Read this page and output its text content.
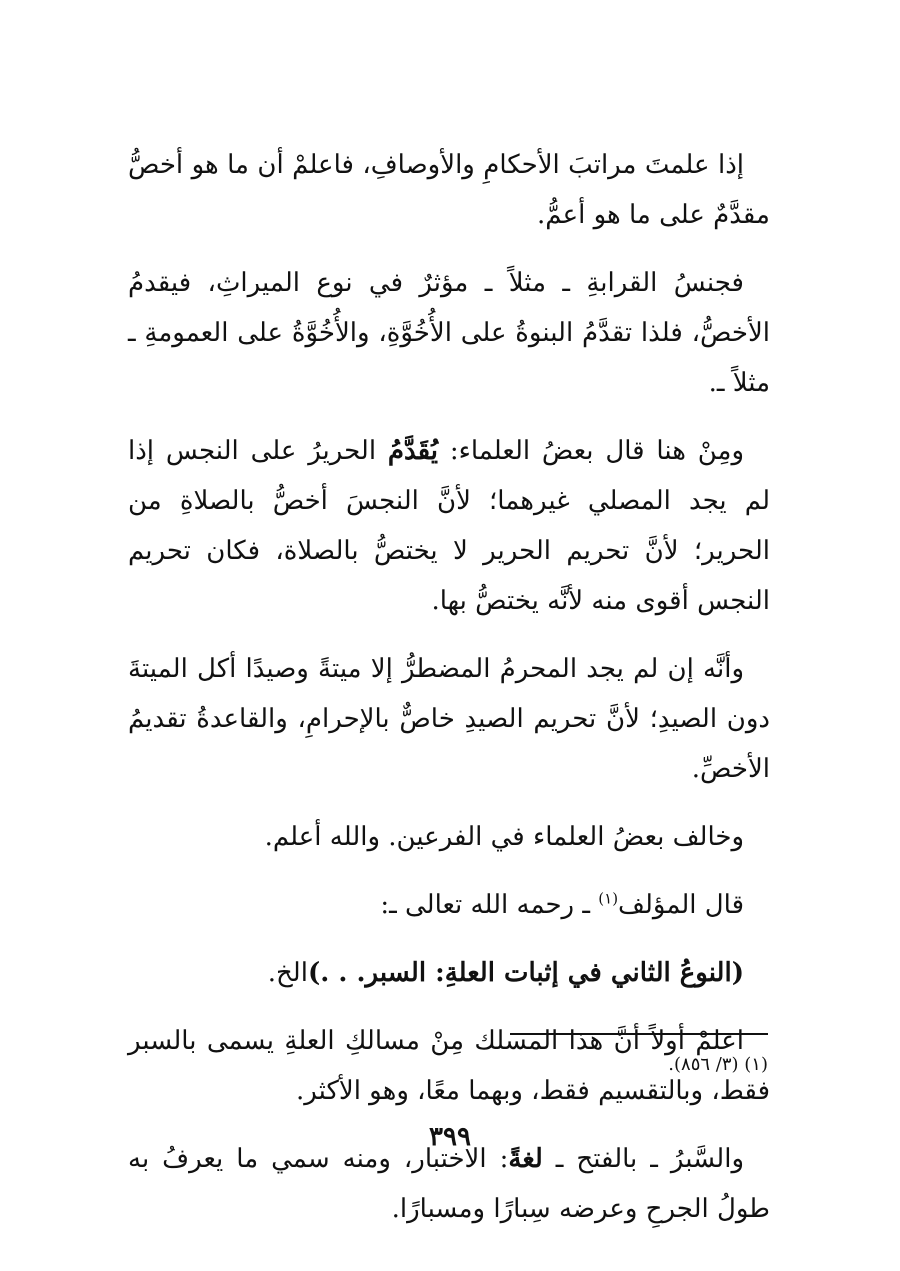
إذا علمتَ مراتبَ الأحكامِ والأوصافِ، فاعلمْ أن ما هو أخصُّ مقدَّمٌ على ما هو أعمُّ.

فجنسُ القرابةِ ـ مثلاً ـ مؤثرٌ في نوع الميراثِ، فيقدمُ الأخصُّ، فلذا تقدَّمُ البنوةُ على الأُخُوَّةِ، والأُخُوَّةُ على العمومةِ ـ مثلاً ـ.

ومِنْ هنا قال بعضُ العلماء: يُقَدَّمُ الحريرُ على النجس إذا لم يجد المصلي غيرهما؛ لأنَّ النجسَ أخصُّ بالصلاةِ من الحرير؛ لأنَّ تحريم الحرير لا يختصُّ بالصلاة، فكان تحريم النجس أقوى منه لأنَّه يختصُّ بها.

وأنَّه إن لم يجد المحرمُ المضطرُّ إلا ميتةً وصيدًا أكل الميتةَ دون الصيدِ؛ لأنَّ تحريم الصيدِ خاصٌّ بالإحرامِ، والقاعدةُ تقديمُ الأخصِّ.

وخالف بعضُ العلماء في الفرعين. والله أعلم.

قال المؤلف$^{(١)}$ ـ رحمه الله تعالى ـ:

(النوعُ الثاني في إثبات العلةِ: السبر. . .)الخ.

اعلمْ أولاً أنَّ هذا المسلك مِنْ مسالكِ العلةِ يسمى بالسبر فقط، وبالتقسيم فقط، وبهما معًا، وهو الأكثر.

والسَّبرُ ـ بالفتح ـ لغةً: الاختبار، ومنه سمي ما يعرفُ به طولُ الجرحِ وعرضه سِبارًا ومسبارًا.

(١) (٣/ ٨٥٦).
٣٩٩
